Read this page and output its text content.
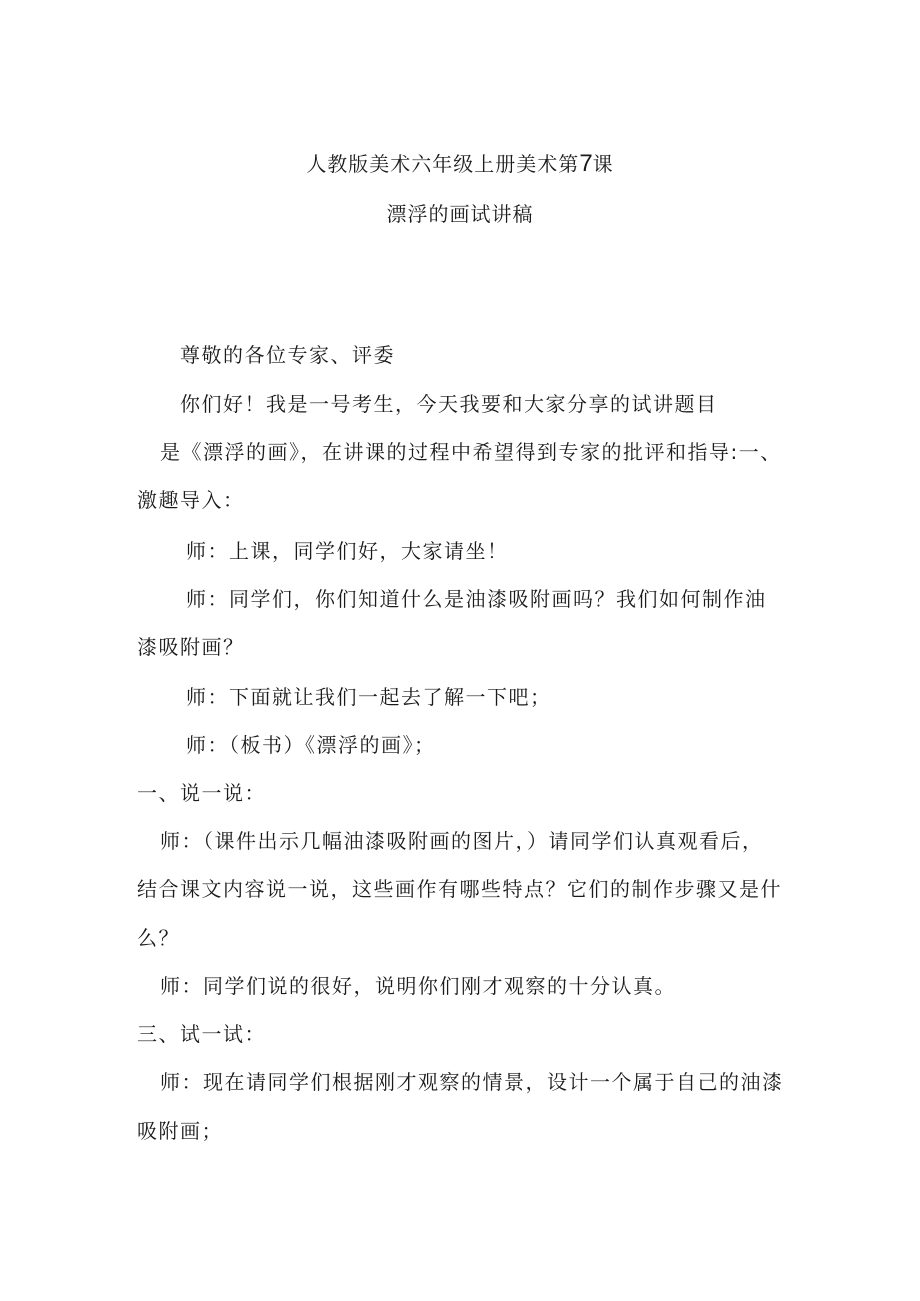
人教版美术六年级上册美术第7课
漂浮的画试讲稿
尊敬的各位专家、评委
你们好！我是一号考生，今天我要和大家分享的试讲题目
是《漂浮的画》，在讲课的过程中希望得到专家的批评和指导:一、
激趣导入：
师：上课，同学们好，大家请坐！
师：同学们，你们知道什么是油漆吸附画吗？我们如何制作油
漆吸附画？
师：下面就让我们一起去了解一下吧；
师：（板书）《漂浮的画》；
一、说一说：
师：（课件出示几幅油漆吸附画的图片，）请同学们认真观看后，
结合课文内容说一说，这些画作有哪些特点？它们的制作步骤又是什
么？
师：同学们说的很好，说明你们刚才观察的十分认真。
三、试一试：
师：现在请同学们根据刚才观察的情景，设计一个属于自己的油漆
吸附画；
